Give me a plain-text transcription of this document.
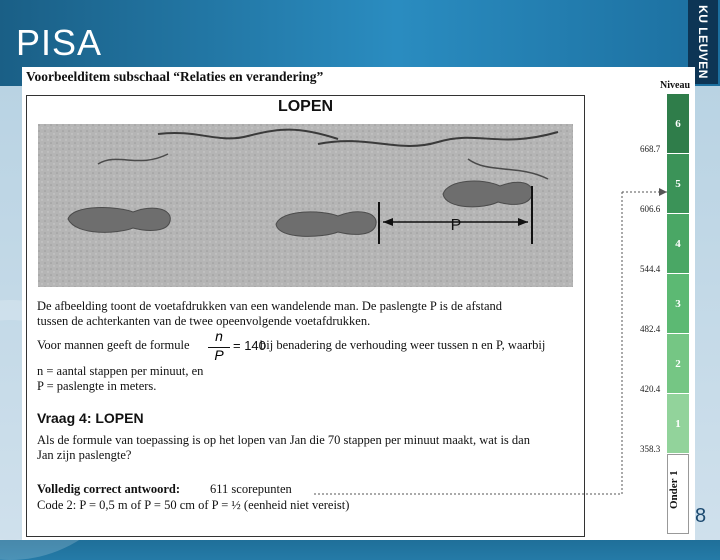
PISA	KU LEUVEN
Voorbeelditem subschaal “Relaties en verandering”
LOPEN
P
De afbeelding toont de voetafdrukken van een wandelende man. De paslengte P is de afstand
tussen de achterkanten van de twee opeenvolgende voetafdrukken.
Voor mannen geeft de formule
n
P
= 140
bij benadering de verhouding weer tussen n en P, waarbij
n = aantal stappen per minuut, en
P = paslengte in meters.
Vraag 4: LOPEN
Als de formule van toepassing is op het lopen van Jan die 70 stappen per minuut maakt, wat is dan
Jan zijn paslengte?
Volledig correct antwoord: 611 scorepunten
Code 2: P = 0,5 m of P = 50 cm of P = ½ (eenheid niet vereist)
Niveau
6
5
4
3
2
1
Onder 1
668.7
606.6
544.4
482.4
420.4
358.3
8
